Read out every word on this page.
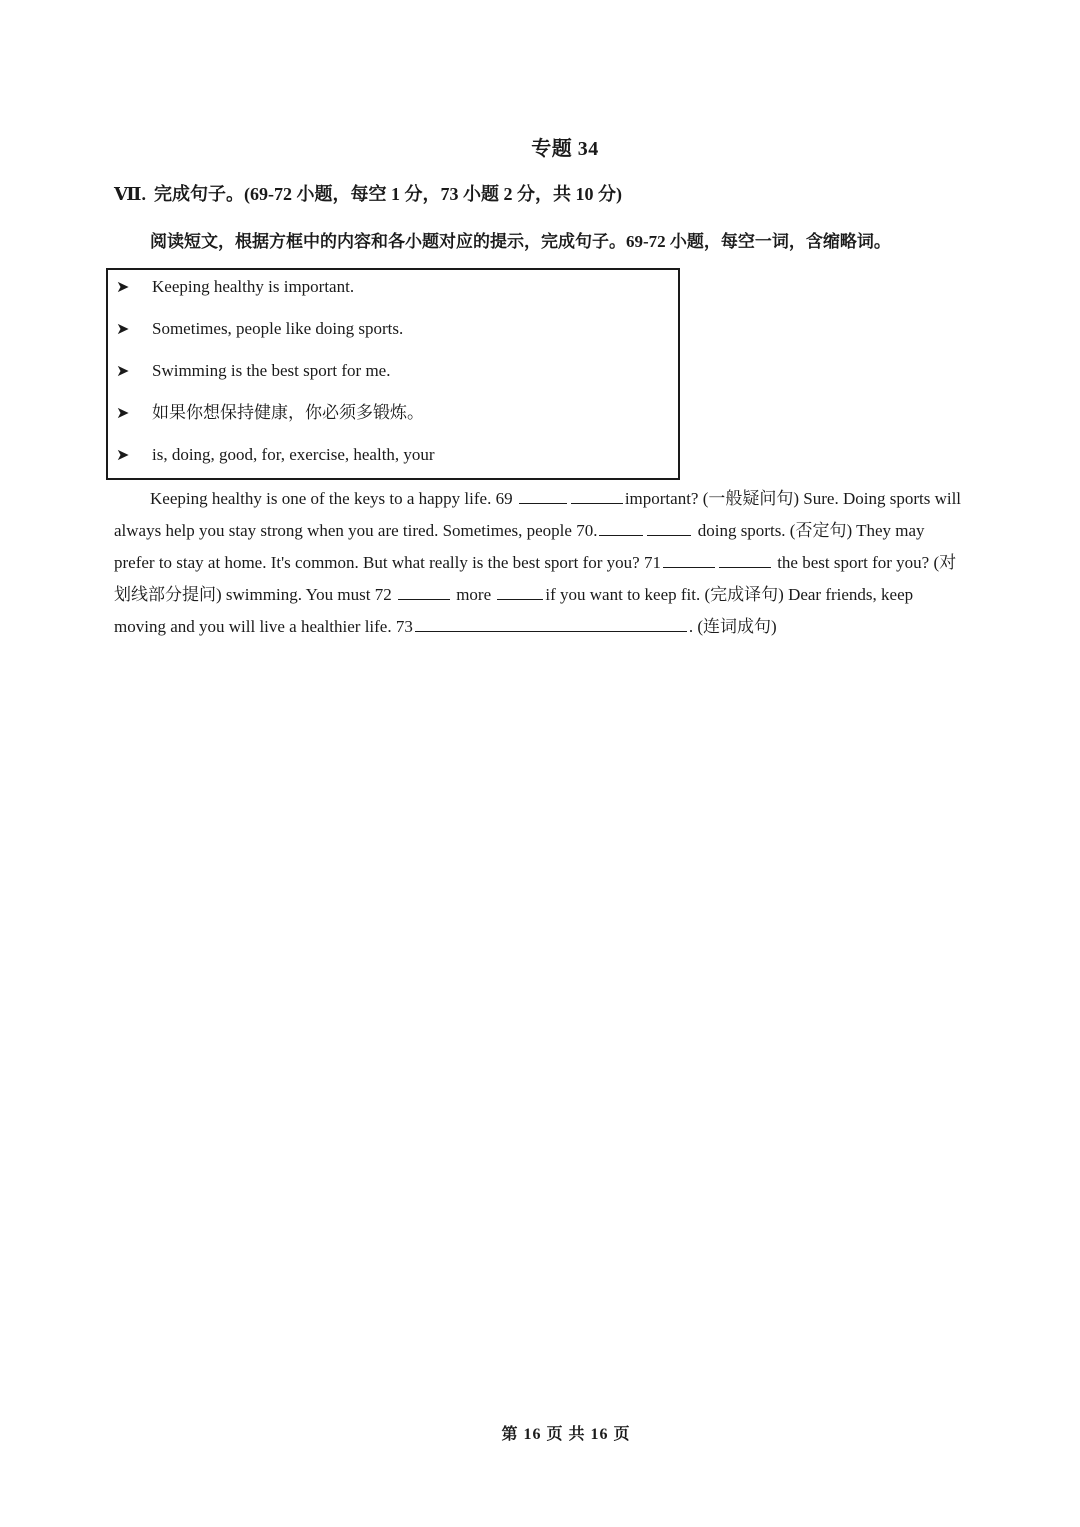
专题 34
Ⅶ. 完成句子。(69-72 小题，每空 1 分，73 小题 2 分，共 10 分)
阅读短文，根据方框中的内容和各小题对应的提示，完成句子。69-72 小题，每空一词，含缩略词。
➤ Keeping healthy is important.
➤ Sometimes, people like doing sports.
➤ Swimming is the best sport for me.
➤ 如果你想保持健康，你必须多锻炼。
➤ is, doing, good, for, exercise, health, your
Keeping healthy is one of the keys to a happy life. 69	important? (一般疑问句) Sure. Doing sports will
always help you stay strong when you are tired. Sometimes, people 70.	doing sports. (否定句) They may
prefer to stay at home. It's common. But what really is the best sport for you? 71	the best sport for you? (对
划线部分提问) swimming. You must 72	more	if you want to keep fit. (完成译句) Dear friends, keep
moving and you will live a healthier life. 73	. (连词成句)
第 16 页 共 16 页
